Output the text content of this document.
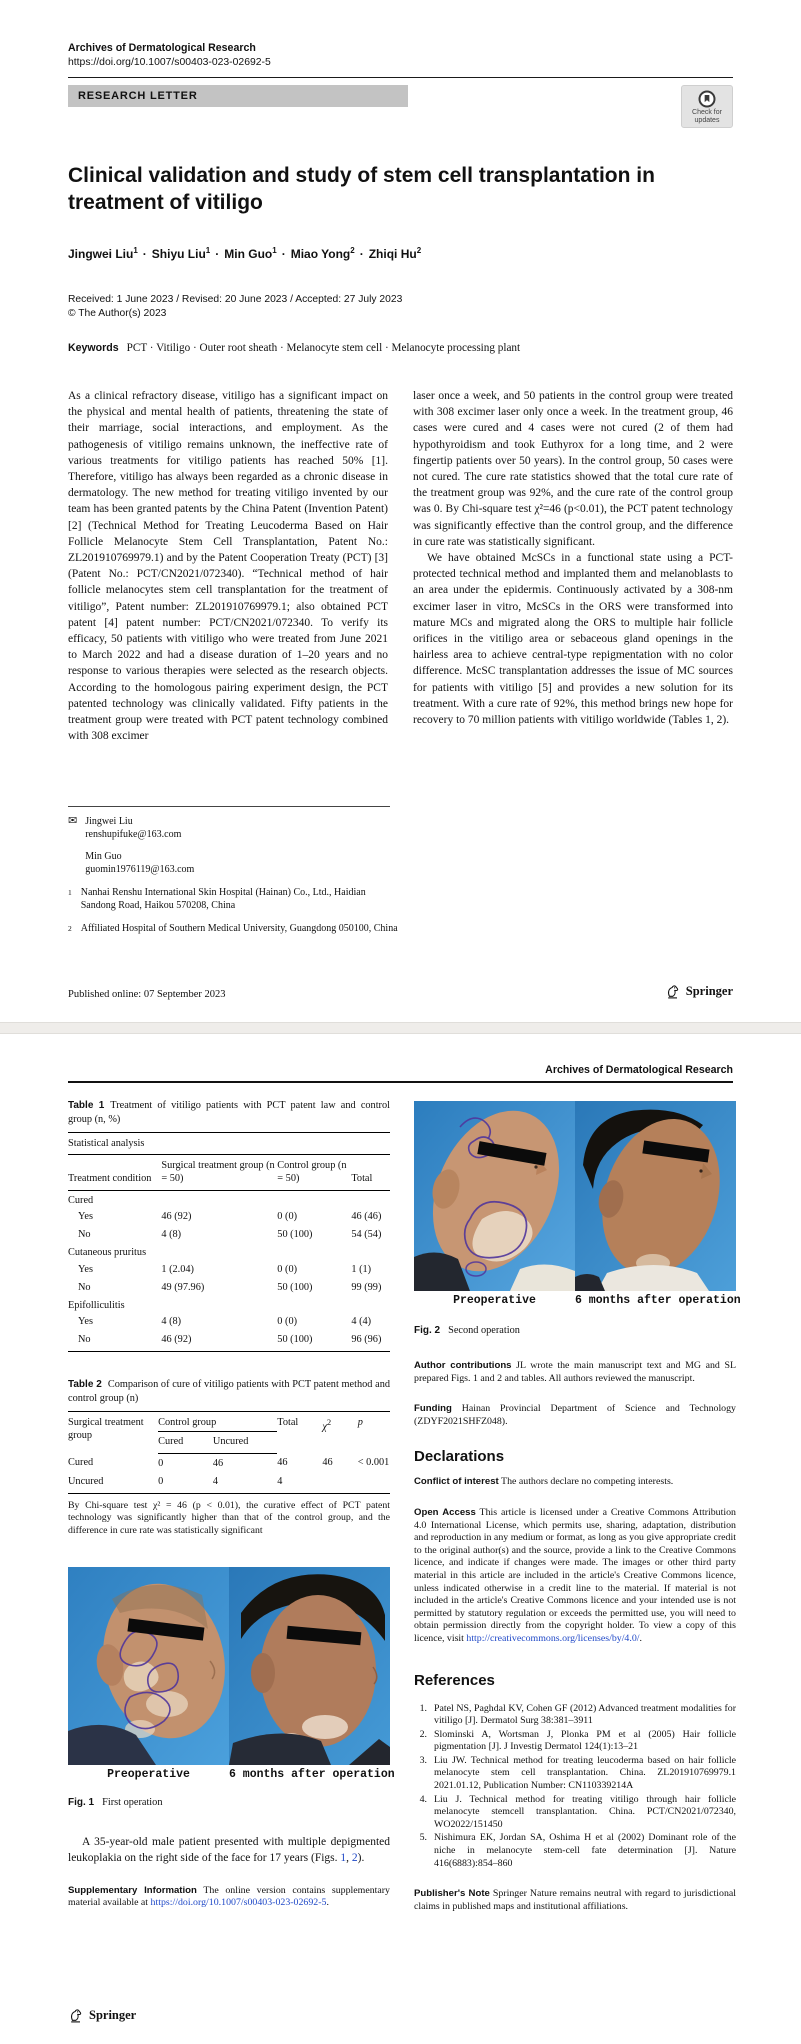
Archives of Dermatological Research
https://doi.org/10.1007/s00403-023-02692-5
RESEARCH LETTER
Check for
updates
Clinical validation and study of stem cell transplantation in treatment of vitiligo
Jingwei Liu$^1$ · Shiyu Liu$^1$ · Min Guo$^1$ · Miao Yong$^2$ · Zhiqi Hu$^2$
Received: 1 June 2023 / Revised: 20 June 2023 / Accepted: 27 July 2023
© The Author(s) 2023
Keywords PCT · Vitiligo · Outer root sheath · Melanocyte stem cell · Melanocyte processing plant

As a clinical refractory disease, vitiligo has a significant impact on the physical and mental health of patients, threatening the state of their marriage, social interactions, and employment. As the pathogenesis of vitiligo remains unknown, the ineffective rate of various treatments for vitiligo patients has reached 50% [1]. Therefore, vitiligo has always been regarded as a chronic disease in dermatology. The new method for treating vitiligo invented by our team has been granted patents by the China Patent (Invention Patent) [2] (Technical Method for Treating Leucoderma Based on Hair Follicle Melanocyte Stem Cell Transplantation, Patent No.: ZL201910769979.1) and by the Patent Cooperation Treaty (PCT) [3] (Patent No.: PCT/CN2021/072340). “Technical method of hair follicle melanocytes stem cell transplantation for the treatment of vitiligo”, Patent number: ZL201910769979.1; also obtained PCT patent [4] patent number: PCT/CN2021/072340. To verify its efficacy, 50 patients with vitiligo who were treated from June 2021 to March 2022 and had a disease duration of 1–20 years and no response to various therapies were selected as the research objects. According to the homologous pairing experiment design, the PCT patented technology was clinically validated. Fifty patients in the treatment group were treated with PCT patent technology combined with 308 excimer

laser once a week, and 50 patients in the control group were treated with 308 excimer laser only once a week. In the treatment group, 46 cases were cured and 4 cases were not cured (2 of them had hypothyroidism and took Euthyrox for a long time, and 2 were fingertip patients over 50 years). In the control group, 50 cases were not cured. The cure rate statistics showed that the total cure rate of the treatment group was 92%, and the cure rate of the control group was 0. By Chi-square test χ²=46 (p<0.01), the PCT patent technology was significantly effective than the control group, and the difference in cure rate was statistically significant.

We have obtained McSCs in a functional state using a PCT-protected technical method and implanted them and melanoblasts to an area under the epidermis. Continuously activated by a 308-nm excimer laser in vitro, McSCs in the ORS were transformed into mature MCs and migrated along the ORS to multiple hair follicle orifices in the vitiligo area or sebaceous gland openings in the hairless area to achieve central-type repigmentation with no color difference. McSC transplantation addresses the issue of MC sources for patients with vitiligo [5] and provides a new solution for its treatment. With a cure rate of 92%, this method brings new hope for recovery to 70 million patients with vitiligo worldwide (Tables 1, 2).

✉ Jingwei Liu
renshupifuke@163.com
Min Guo
guomin1976119@163.com
1 Nanhai Renshu International Skin Hospital (Hainan) Co., Ltd., Haidian Sandong Road, Haikou 570208, China
2 Affiliated Hospital of Southern Medical University, Guangdong 050100, China
Published online: 07 September 2023	Springer
Archives of Dermatological Research

Table 1 Treatment of vitiligo patients with PCT patent law and control group (n, %)

Statistical analysis			
Treatment condition	Surgical treatment group (n = 50)	Control group (n = 50)	Total
Cured			
Yes	46 (92)	0 (0)	46 (46)
No	4 (8)	50 (100)	54 (54)
Cutaneous pruritus			
Yes	1 (2.04)	0 (0)	1 (1)
No	49 (97.96)	50 (100)	99 (99)
Epifolliculitis			
Yes	4 (8)	0 (0)	4 (4)
No	46 (92)	50 (100)	96 (96)

Table 2 Comparison of cure of vitiligo patients with PCT patent method and control group (n)

Surgical treatment group	Control group		Total	$\chi^2$	p
	Cured	Uncured			
Cured	0	46	46	46	< 0.001
Uncured	0	4	4		

By Chi-square test χ² = 46 (p < 0.01), the curative effect of PCT patent technology was significantly higher than that of the control group, and the difference in cure rate was statistically significant

Preoperative	6 months after operation

Fig. 1 First operation

A 35-year-old male patient presented with multiple depigmented leukoplakia on the right side of the face for 17 years (Figs. 1, 2).

Supplementary Information The online version contains supplementary material available at https://doi.org/10.1007/s00403-023-02692-5.

Preoperative	6 months after operation

Fig. 2 Second operation

Author contributions JL wrote the main manuscript text and MG and SL prepared Figs. 1 and 2 and tables. All authors reviewed the manuscript.

Funding Hainan Provincial Department of Science and Technology (ZDYF2021SHFZ048).

Declarations

Conflict of interest The authors declare no competing interests.

Open Access This article is licensed under a Creative Commons Attribution 4.0 International License, which permits use, sharing, adaptation, distribution and reproduction in any medium or format, as long as you give appropriate credit to the original author(s) and the source, provide a link to the Creative Commons licence, and indicate if changes were made. The images or other third party material in this article are included in the article's Creative Commons licence, unless indicated otherwise in a credit line to the material. If material is not included in the article's Creative Commons licence and your intended use is not permitted by statutory regulation or exceeds the permitted use, you will need to obtain permission directly from the copyright holder. To view a copy of this licence, visit http://creativecommons.org/licenses/by/4.0/.

References
1. Patel NS, Paghdal KV, Cohen GF (2012) Advanced treatment modalities for vitiligo [J]. Dermatol Surg 38:381–3911
2. Slominski A, Wortsman J, Plonka PM et al (2005) Hair follicle pigmentation [J]. J Investig Dermatol 124(1):13–21
3. Liu JW. Technical method for treating leucoderma based on hair follicle melanocyte stem cell transplantation. China. ZL201910769979.1 2021.01.12, Publication Number: CN110339214A
4. Liu J. Technical method for treating vitiligo through hair follicle melanocyte stemcell transplantation. China. PCT/CN2021/072340, WO2022/151450
5. Nishimura EK, Jordan SA, Oshima H et al (2002) Dominant role of the niche in melanocyte stem-cell fate determination [J]. Nature 416(6883):854–860

Publisher's Note Springer Nature remains neutral with regard to jurisdictional claims in published maps and institutional affiliations.

Springer
